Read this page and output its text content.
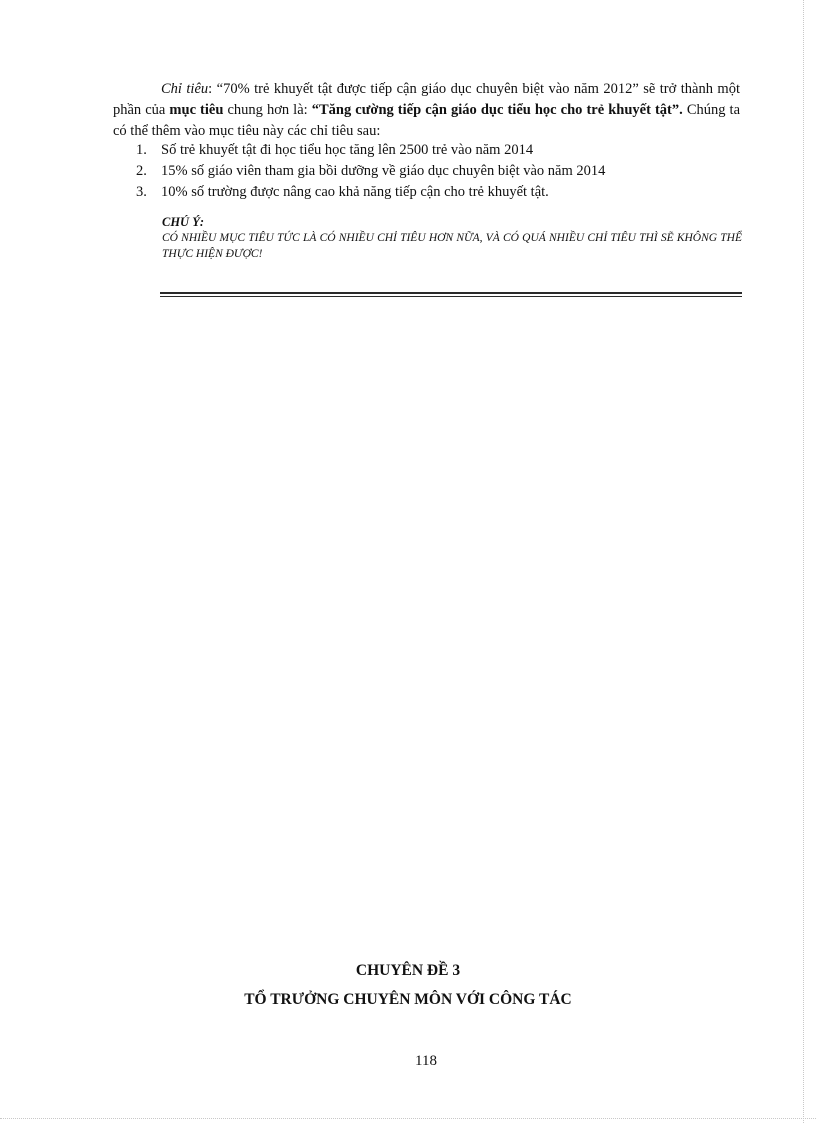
Chỉ tiêu: “70% trẻ khuyết tật được tiếp cận giáo dục chuyên biệt vào năm 2012” sẽ trở thành một phần của mục tiêu chung hơn là: “Tăng cường tiếp cận giáo dục tiểu học cho trẻ khuyết tật”. Chúng ta có thể thêm vào mục tiêu này các chỉ tiêu sau:

1. Số trẻ khuyết tật đi học tiểu học tăng lên 2500 trẻ vào năm 2014
2. 15% số giáo viên tham gia bồi dưỡng về giáo dục chuyên biệt vào năm 2014
3. 10% số trường được nâng cao khả năng tiếp cận cho trẻ khuyết tật.
CHÚ Ý:
CÓ NHIỀU MỤC TIÊU TỨC LÀ CÓ NHIỀU CHỈ TIÊU HƠN NỮA, VÀ CÓ QUÁ NHIỀU CHỈ TIÊU THÌ SẼ KHÔNG THỂ THỰC HIỆN ĐƯỢC!
CHUYÊN ĐỀ 3
TỔ TRƯỞNG CHUYÊN MÔN VỚI CÔNG TÁC
118
